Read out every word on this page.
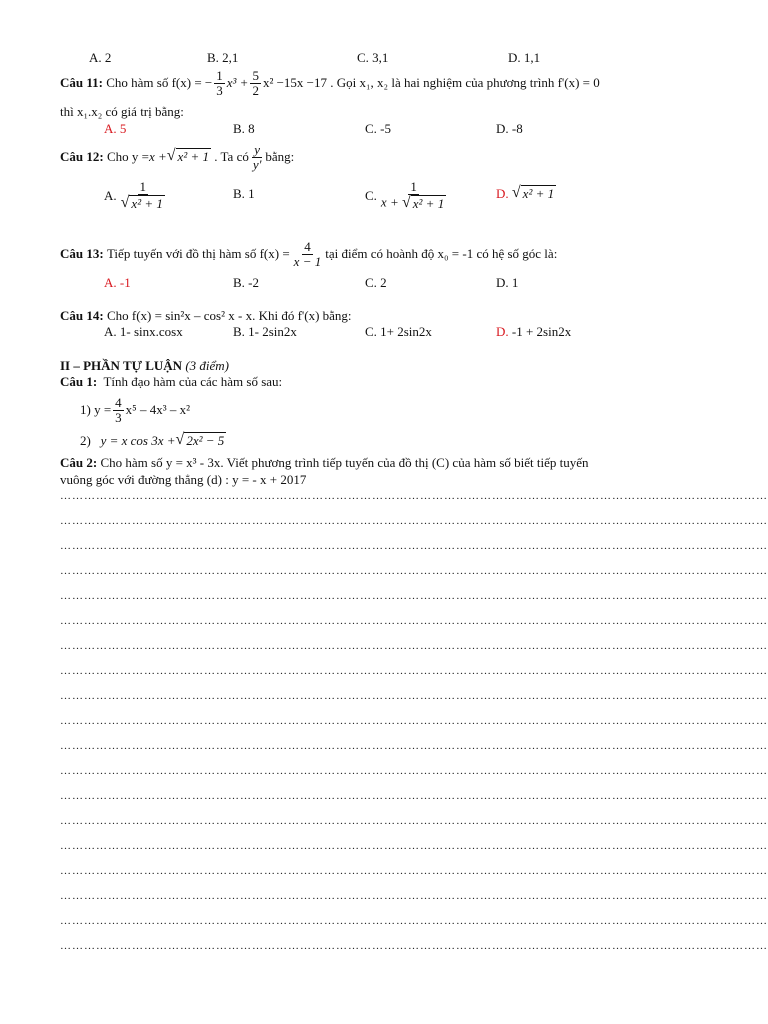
A. 2	B. 2,1	C. 3,1	D. 1,1
Câu 11:
Cho hàm số f(x) = − $\frac{1}{3} x^3 + \frac{5}{2} x^2 -15x -17$ . Gọi x₁, x₂ là hai nghiệm của phương trình f'(x) = 0
thì x₁.x₂ có giá trị bằng:
A. 5	B. 8	C. -5	D. -8
Câu 12:
Cho y = x + √ x² + 1
. Ta có $\frac{y}{y'}$ bằng:
A. $\frac{1}{\text{√ x² + 1}}$	B. 1	C. $\frac{1}{\text{x + √ x² + 1}}$	D.
√ x² + 1
Câu 13:
Tiếp tuyến với đồ thị hàm số $f(x) = \frac{4}{x - 1}$ tại điểm có hoành độ x₀ = -1 có hệ số góc là:
A. -1	B. -2	C. 2	D. 1
Câu 14: Cho f(x) = sin²x – cos² x - x. Khi đó f'(x) bằng:
A. 1- sinx.cosx	B. 1- 2sin2x	C. 1+ 2sin2x	D. -1 + 2sin2x
II – PHẦN TỰ LUẬN (3 điểm)
Câu 1: Tính đạo hàm của các hàm số sau:
1) $y = \frac{4}{3} x^5 - 4x^3 - x^2$
2)
y = x cos 3x + √ 2x² − 5
Câu 2: Cho hàm số y = x³ - 3x. Viết phương trình tiếp tuyến của đồ thị (C) của hàm số biết tiếp tuyến
vuông góc với đường thẳng (d) : y = - x + 2017
……………………………………………………………………………………………………………………………………………………………
……………………………………………………………………………………………………………………………………………………………
……………………………………………………………………………………………………………………………………………………………
……………………………………………………………………………………………………………………………………………………………
……………………………………………………………………………………………………………………………………………………………
……………………………………………………………………………………………………………………………………………………………
……………………………………………………………………………………………………………………………………………………………
……………………………………………………………………………………………………………………………………………………………
……………………………………………………………………………………………………………………………………………………………
……………………………………………………………………………………………………………………………………………………………
……………………………………………………………………………………………………………………………………………………………
……………………………………………………………………………………………………………………………………………………………
……………………………………………………………………………………………………………………………………………………………
……………………………………………………………………………………………………………………………………………………………
……………………………………………………………………………………………………………………………………………………………
……………………………………………………………………………………………………………………………………………………………
……………………………………………………………………………………………………………………………………………………………
……………………………………………………………………………………………………………………………………………………………
……………………………………………………………………………………………………………………………………………………………
